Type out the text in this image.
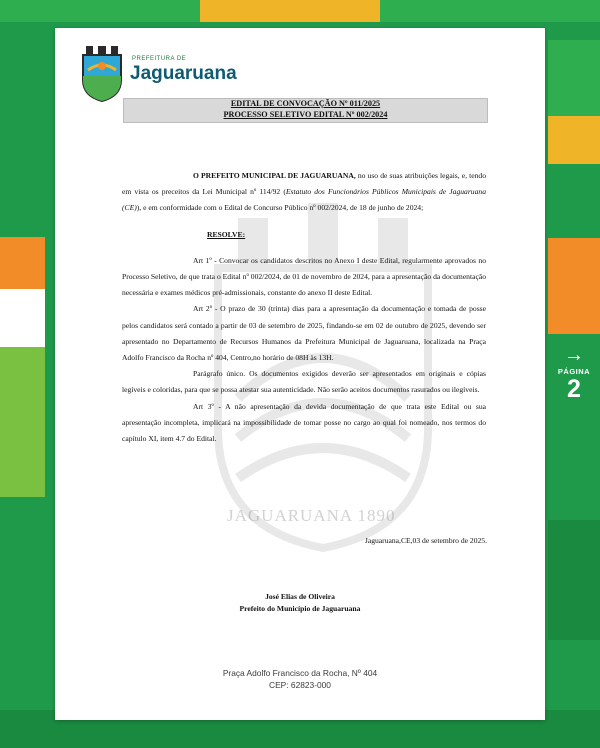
JAGUARUANA 1890
PREFEITURA DE
Jaguaruana
EDITAL DE CONVOCAÇÃO Nº 011/2025
PROCESSO SELETIVO EDITAL Nº 002/2024

O PREFEITO MUNICIPAL DE JAGUARUANA, no uso de suas atribuições legais, e, tendo em vista os preceitos da Lei Municipal nº 114/92 (Estatuto dos Funcionários Públicos Municipais de Jaguaruana (CE)), e em conformidade com o Edital de Concurso Público nº 002/2024, de 18 de junho de 2024;

RESOLVE:

Art 1º - Convocar os candidatos descritos no Anexo I deste Edital, regularmente aprovados no Processo Seletivo, de que trata o Edital nº 002/2024, de 01 de novembro de 2024, para a apresentação da documentação necessária e exames médicos pré-admissionais, constante do anexo II deste Edital.

Art 2º - O prazo de 30 (trinta) dias para a apresentação da documentação e tomada de posse pelos candidatos será contado a partir de 03 de setembro de 2025, findando-se em 02 de outubro de 2025, devendo ser apresentado no Departamento de Recursos Humanos da Prefeitura Municipal de Jaguaruana, localizada na Praça Adolfo Francisco da Rocha nº 404, Centro,no horário de 08H às 13H.

Parágrafo único. Os documentos exigidos deverão ser apresentados em originais e cópias legíveis e coloridas, para que se possa atestar sua autenticidade. Não serão aceitos documentos rasurados ou ilegíveis.

Art 3º - A não apresentação da devida documentação de que trata este Edital ou sua apresentação incompleta, implicará na impossibilidade de tomar posse no cargo ao qual foi nomeado, nos termos do capítulo XI, item 4.7 do Edital.

Jaguaruana,CE,03 de setembro de 2025.
José Elias de Oliveira
Prefeito do Município de Jaguaruana
Praça Adolfo Francisco da Rocha, Nº 404
CEP: 62823-000
→
PÁGINA
2
